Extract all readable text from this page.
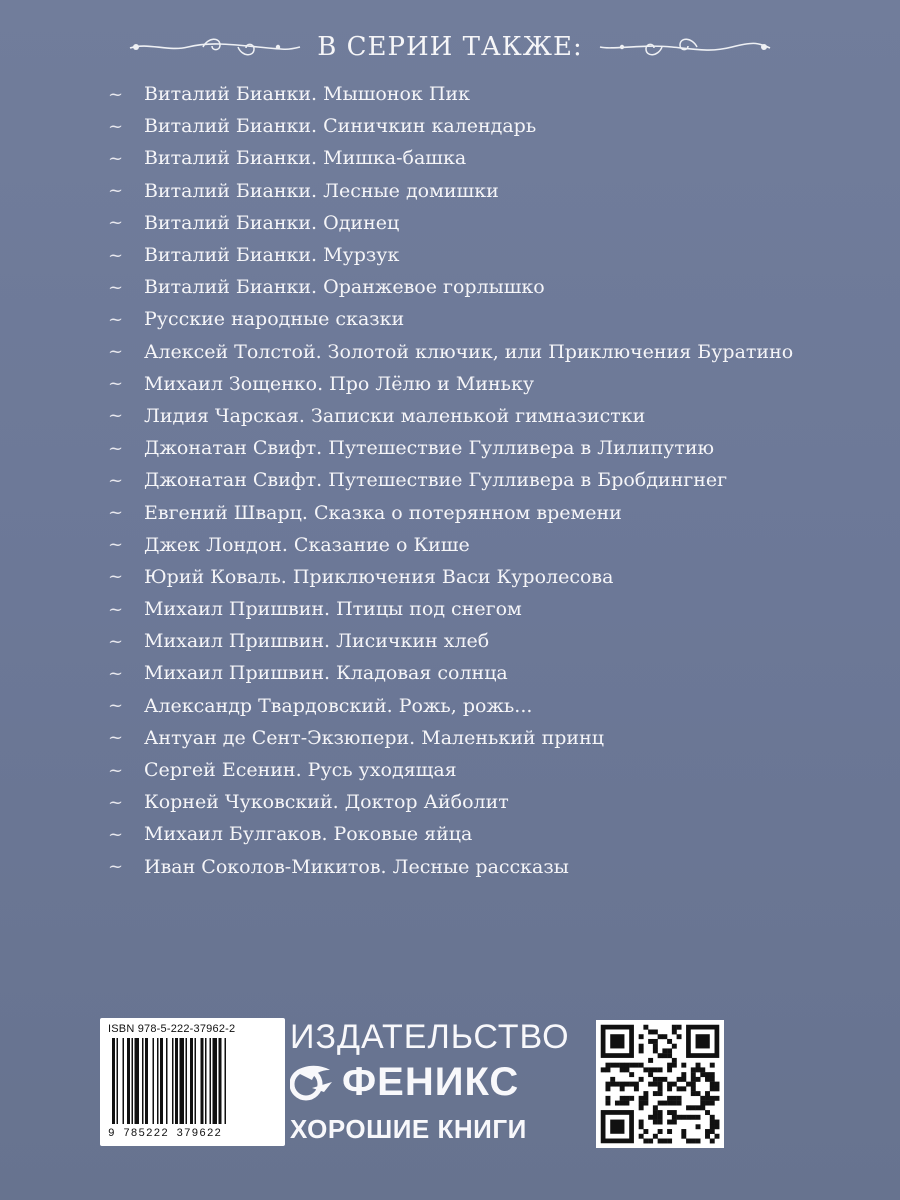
В СЕРИИ ТАКЖЕ:
~	Виталий Бианки. Мышонок Пик
~	Виталий Бианки. Синичкин календарь
~	Виталий Бианки. Мишка-башка
~	Виталий Бианки. Лесные домишки
~	Виталий Бианки. Одинец
~	Виталий Бианки. Мурзук
~	Виталий Бианки. Оранжевое горлышко
~	Русские народные сказки
~	Алексей Толстой. Золотой ключик, или Приключения Буратино
~	Михаил Зощенко. Про Лёлю и Миньку
~	Лидия Чарская. Записки маленькой гимназистки
~	Джонатан Свифт. Путешествие Гулливера в Лилипутию
~	Джонатан Свифт. Путешествие Гулливера в Бробдингнег
~	Евгений Шварц. Сказка о потерянном времени
~	Джек Лондон. Сказание о Кише
~	Юрий Коваль. Приключения Васи Куролесова
~	Михаил Пришвин. Птицы под снегом
~	Михаил Пришвин. Лисичкин хлеб
~	Михаил Пришвин. Кладовая солнца
~	Александр Твардовский. Рожь, рожь...
~	Антуан де Сент-Экзюпери. Маленький принц
~	Сергей Есенин. Русь уходящая
~	Корней Чуковский. Доктор Айболит
~	Михаил Булгаков. Роковые яйца
~	Иван Соколов-Микитов. Лесные рассказы
ISBN 978-5-222-37962-2
9 785222 379622
ИЗДАТЕЛЬСТВО
ФЕНИКС
ХОРОШИЕ КНИГИ
